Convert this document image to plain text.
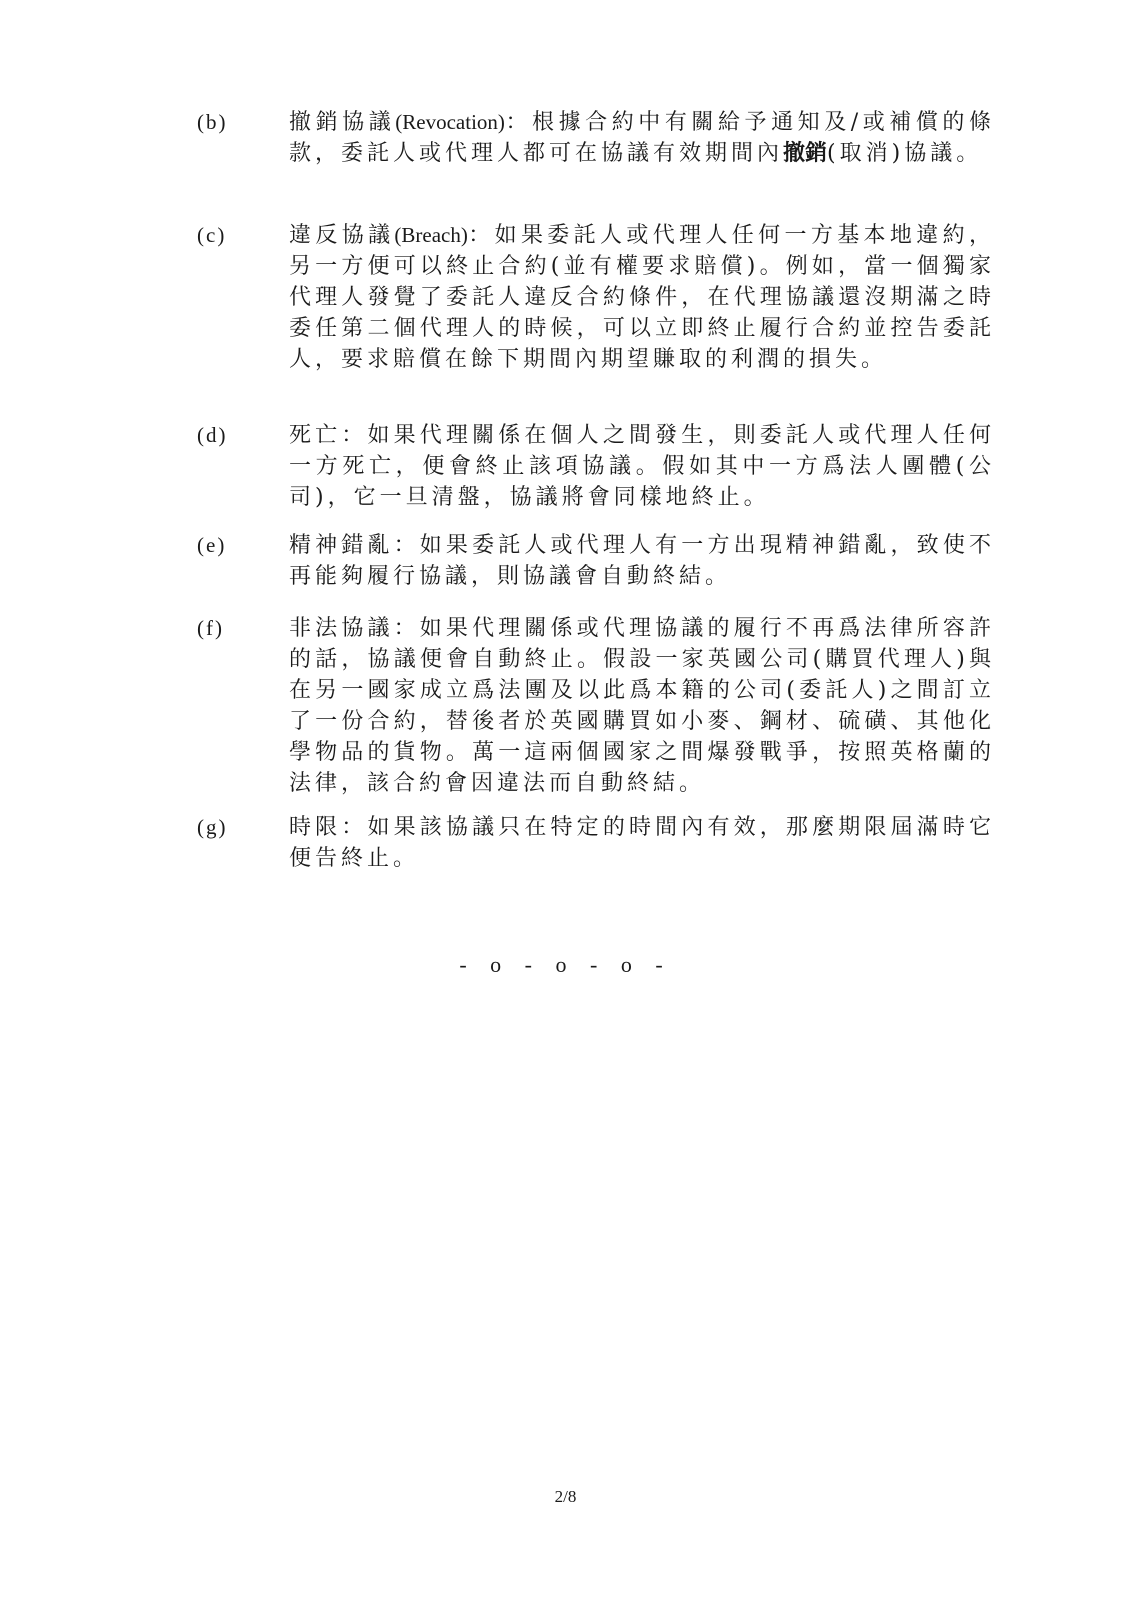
(b)	撤銷協議(Revocation)：根據合約中有關給予通知及/或補償的條款，委託人或代理人都可在協議有效期間內撤銷(取消)協議。

(c)	違反協議(Breach)：如果委託人或代理人任何一方基本地違約，另一方便可以終止合約(並有權要求賠償)。例如，當一個獨家代理人發覺了委託人違反合約條件，在代理協議還沒期滿之時委任第二個代理人的時候，可以立即終止履行合約並控告委託人，要求賠償在餘下期間內期望賺取的利潤的損失。

(d)	死亡：如果代理關係在個人之間發生，則委託人或代理人任何一方死亡，便會終止該項協議。假如其中一方爲法人團體(公司)，它一旦清盤，協議將會同樣地終止。

(e)	精神錯亂：如果委託人或代理人有一方出現精神錯亂，致使不再能夠履行協議，則協議會自動終結。

(f)	非法協議：如果代理關係或代理協議的履行不再爲法律所容許的話，協議便會自動終止。假設一家英國公司(購買代理人)與在另一國家成立爲法團及以此爲本籍的公司(委託人)之間訂立了一份合約，替後者於英國購買如小麥、鋼材、硫磺、其他化學物品的貨物。萬一這兩個國家之間爆發戰爭，按照英格蘭的法律，該合約會因違法而自動終結。

(g)	時限：如果該協議只在特定的時間內有效，那麼期限屆滿時它便告終止。

- o - o - o -
2/8
